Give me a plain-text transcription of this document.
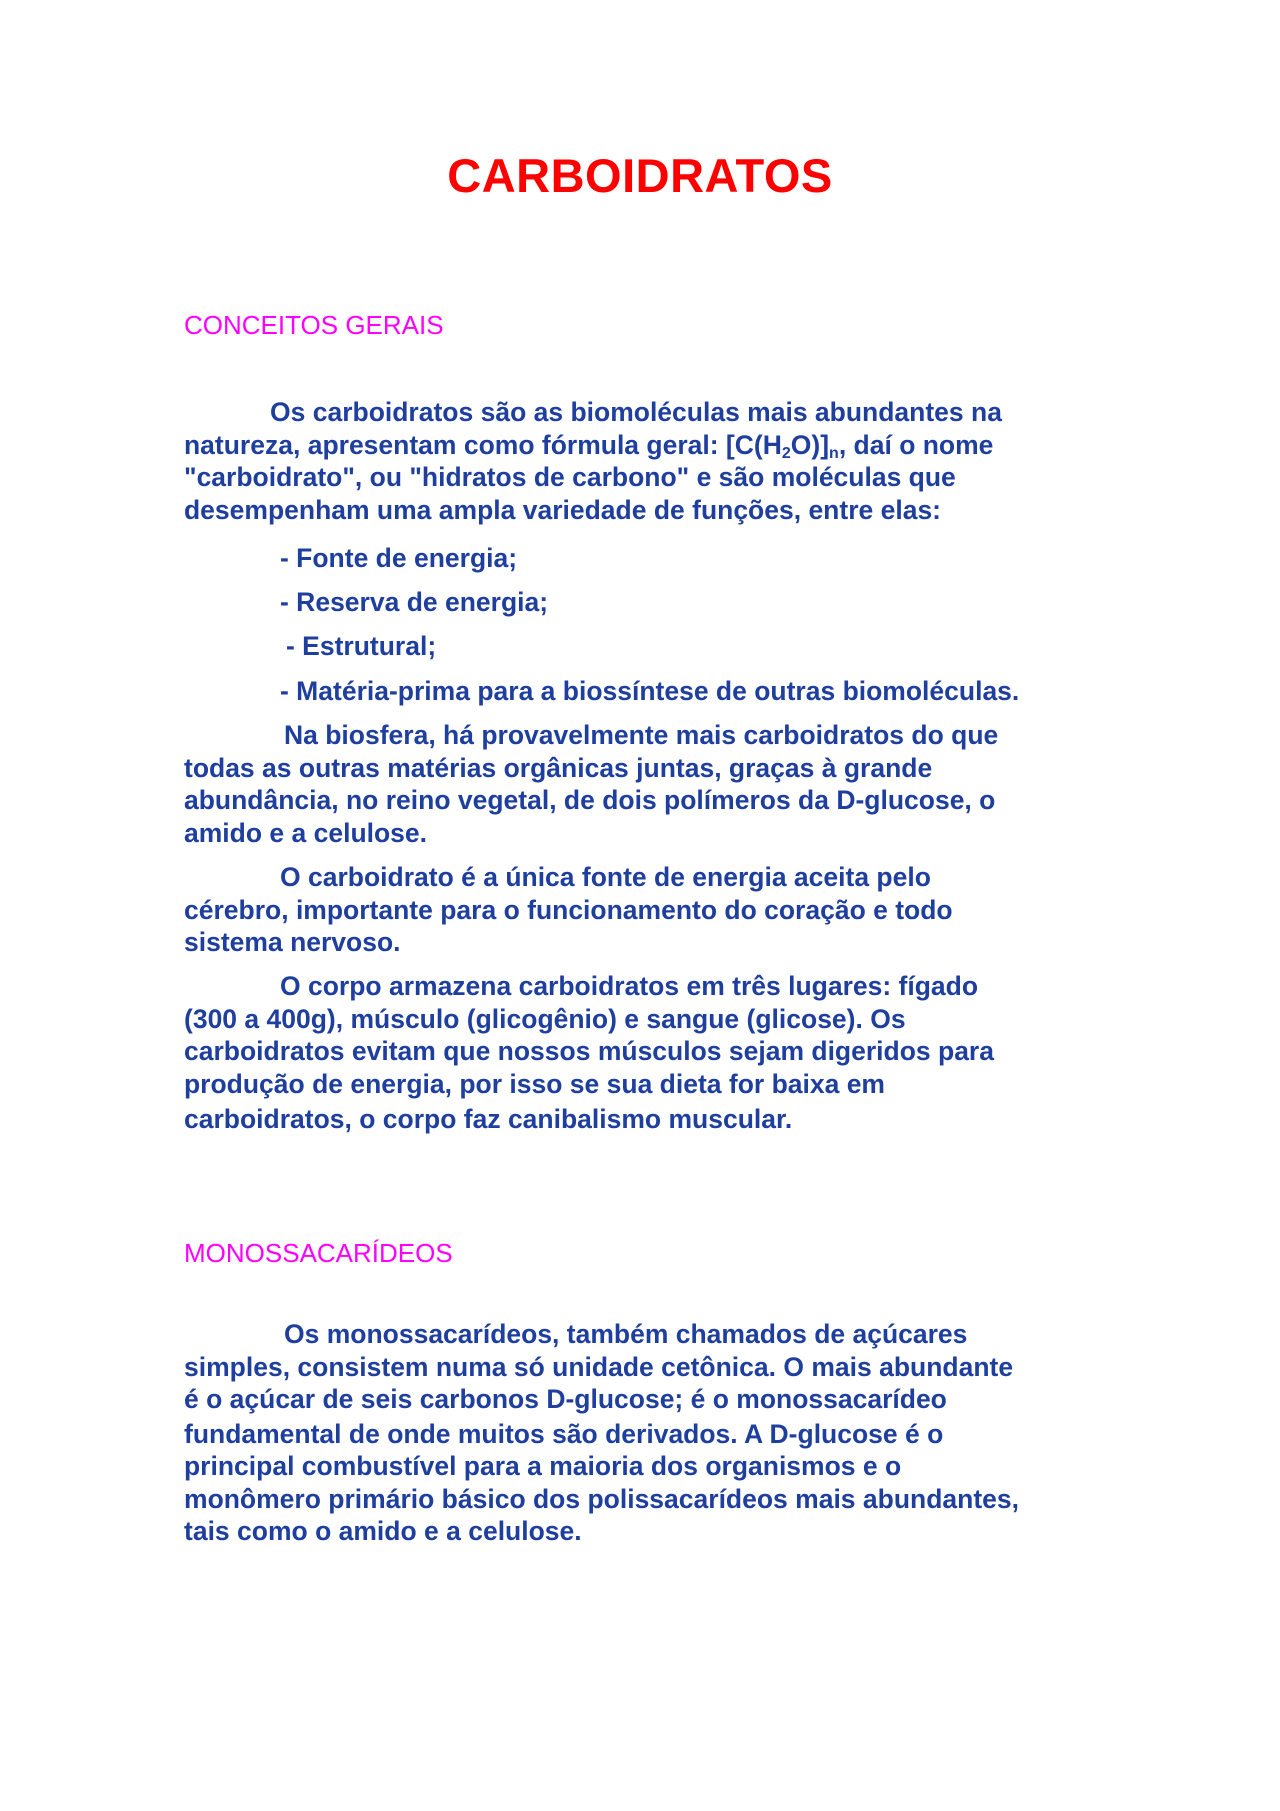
CARBOIDRATOS
CONCEITOS GERAIS
Os carboidratos são as biomoléculas mais abundantes na
natureza, apresentam como fórmula geral: $[C(H_2O)]_n$, daí o nome
"carboidrato", ou "hidratos de carbono" e são moléculas que
desempenham uma ampla variedade de funções, entre elas:
- Fonte de energia;
- Reserva de energia;
- Estrutural;
- Matéria-prima para a biossíntese de outras biomoléculas.
Na biosfera, há provavelmente mais carboidratos do que
todas as outras matérias orgânicas juntas, graças à grande
abundância, no reino vegetal, de dois polímeros da D-glucose, o
amido e a celulose.
O carboidrato é a única fonte de energia aceita pelo
cérebro, importante para o funcionamento do coração e todo
sistema nervoso.
O corpo armazena carboidratos em três lugares: fígado
(300 a 400g), músculo (glicogênio) e sangue (glicose). Os
carboidratos evitam que nossos músculos sejam digeridos para
produção de energia, por isso se sua dieta for baixa em
carboidratos, o corpo faz canibalismo muscular.
MONOSSACARÍDEOS
Os monossacarídeos, também chamados de açúcares
simples, consistem numa só unidade cetônica. O mais abundante
é o açúcar de seis carbonos D-glucose; é o monossacarídeo
fundamental de onde muitos são derivados. A D-glucose é o
principal combustível para a maioria dos organismos e o
monômero primário básico dos polissacarídeos mais abundantes,
tais como o amido e a celulose.
